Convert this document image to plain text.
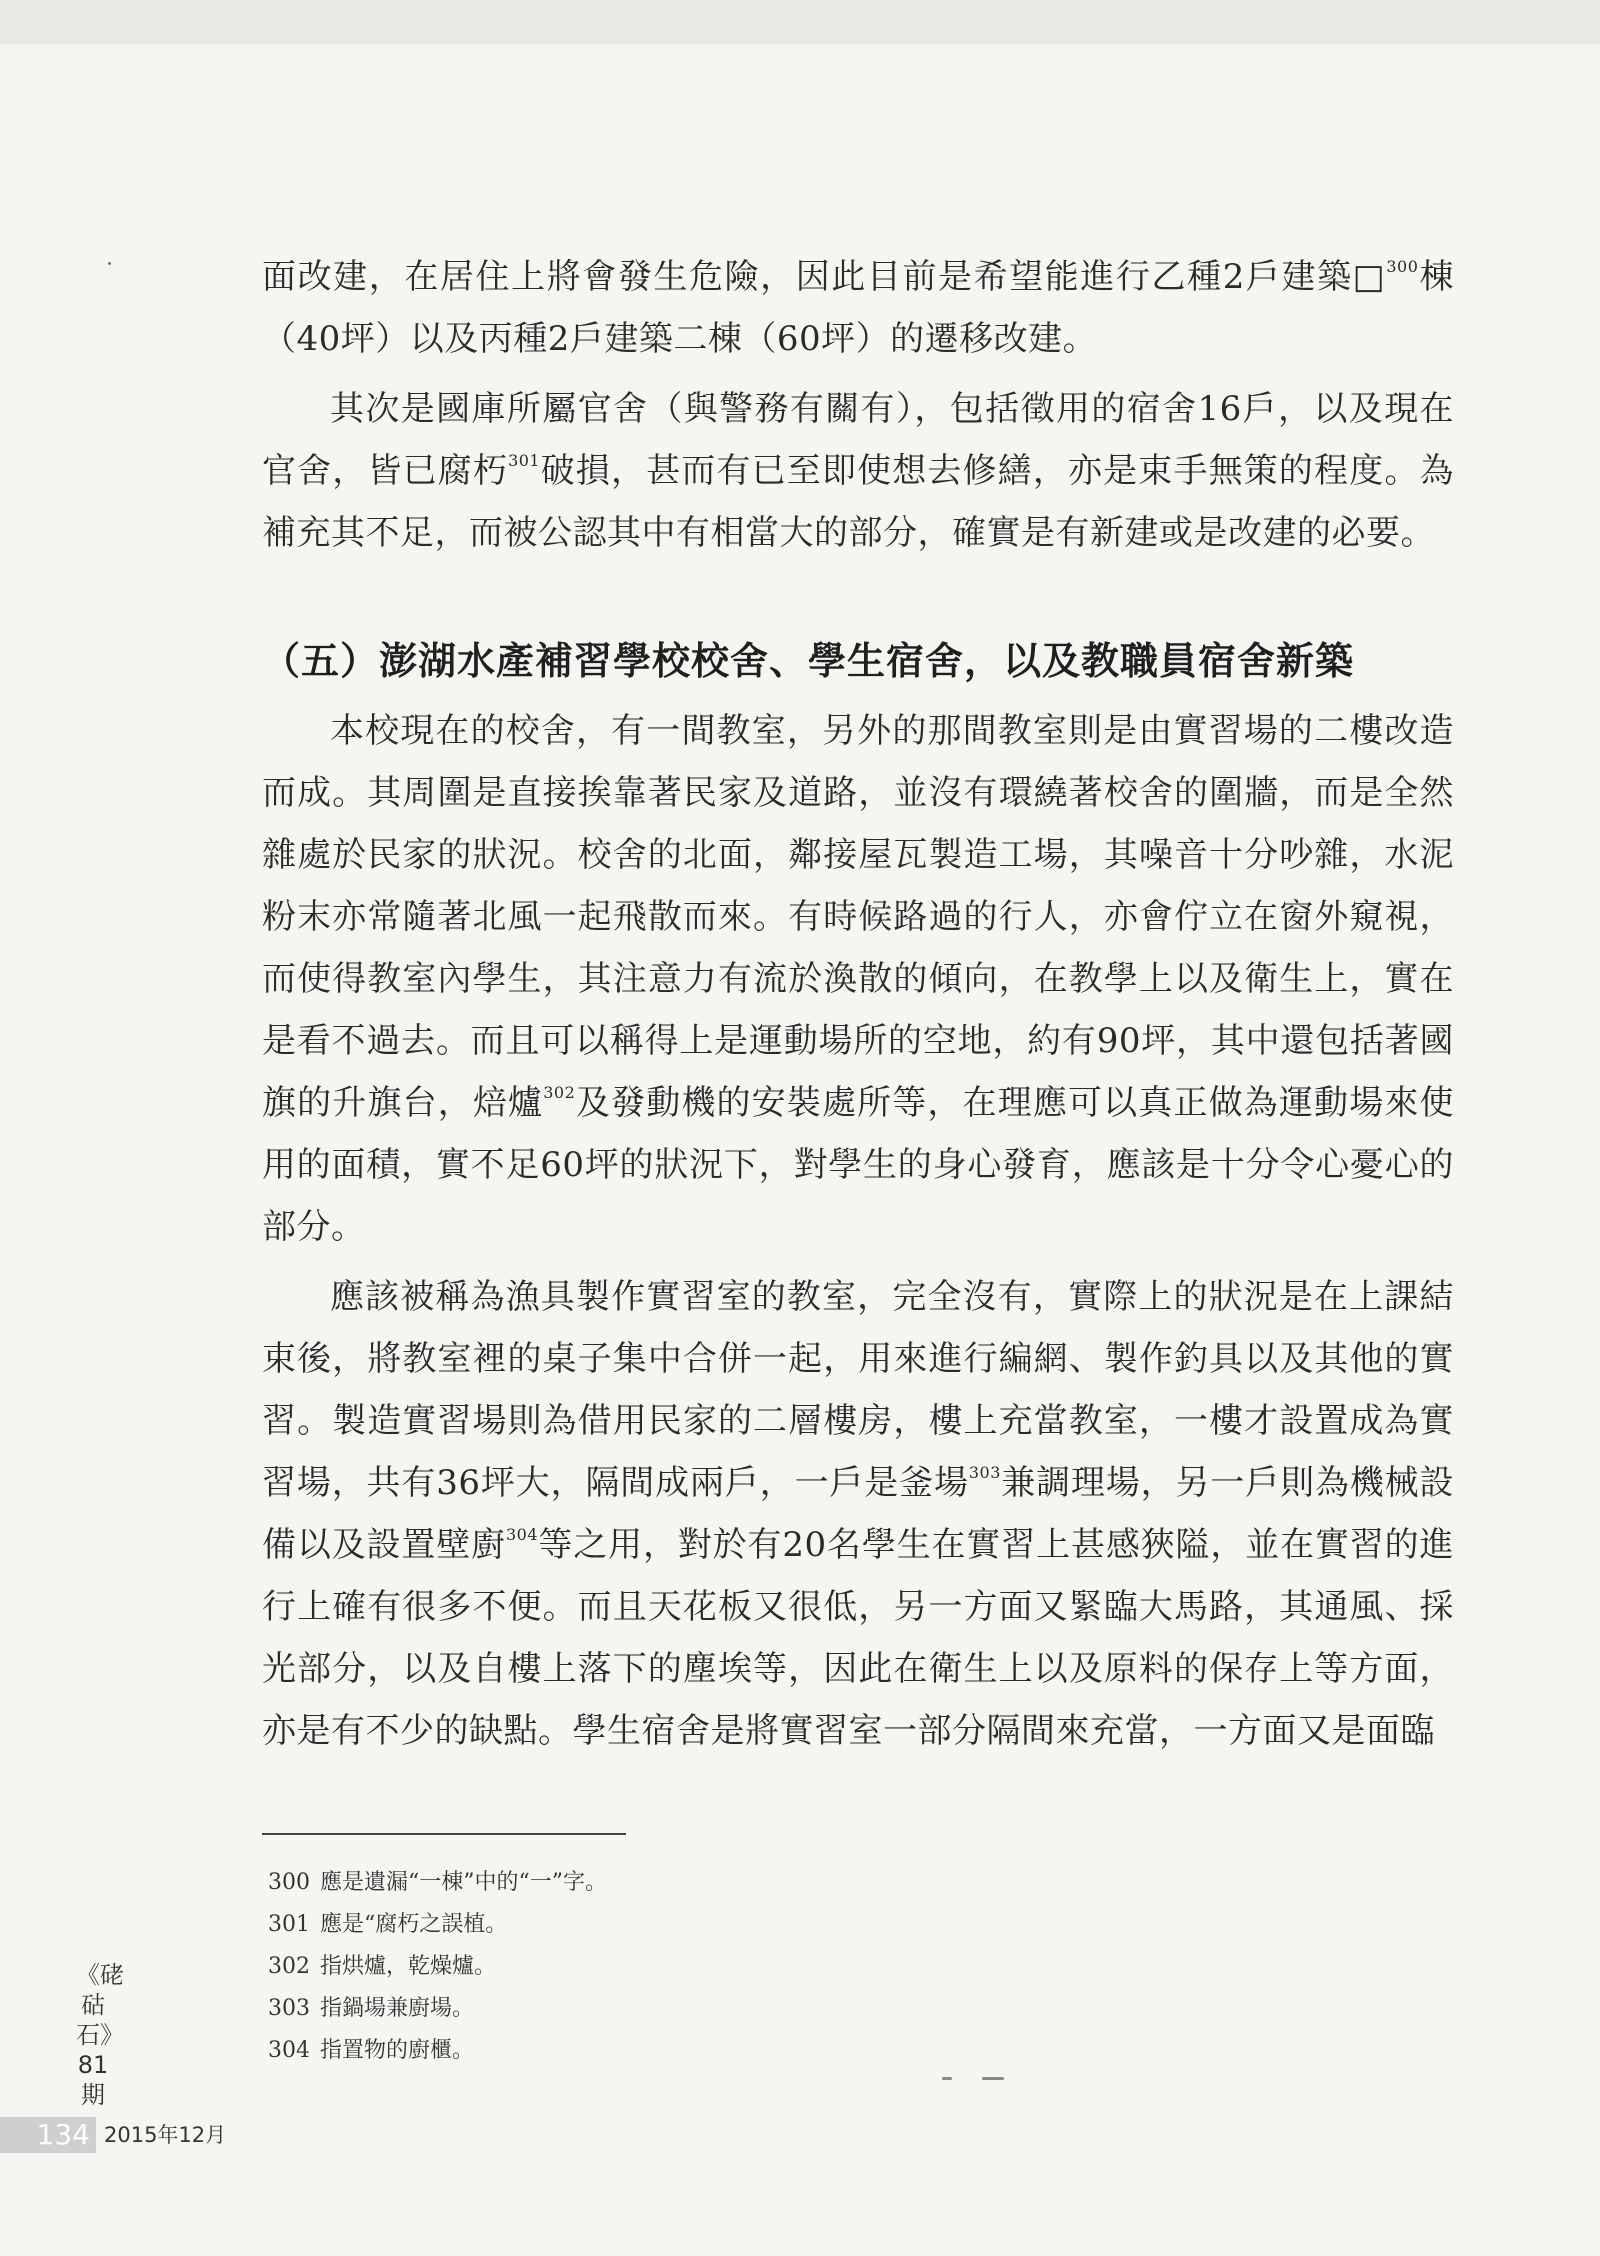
面改建，在居住上將會發生危險，因此目前是希望能進行乙種2戶建築□$^{300}$棟（40坪）以及丙種2戶建築二棟（60坪）的遷移改建。

其次是國庫所屬官舍（與警務有關有），包括徵用的宿舍16戶，以及現在官舍，皆已腐朽$^{301}$破損，甚而有已至即使想去修繕，亦是束手無策的程度。為補充其不足，而被公認其中有相當大的部分，確實是有新建或是改建的必要。

（五）澎湖水產補習學校校舍、學生宿舍，以及教職員宿舍新築

本校現在的校舍，有一間教室，另外的那間教室則是由實習場的二樓改造而成。其周圍是直接挨靠著民家及道路，並沒有環繞著校舍的圍牆，而是全然雜處於民家的狀況。校舍的北面，鄰接屋瓦製造工場，其噪音十分吵雜，水泥粉末亦常隨著北風一起飛散而來。有時候路過的行人，亦會佇立在窗外窺視，而使得教室內學生，其注意力有流於渙散的傾向，在教學上以及衛生上，實在是看不過去。而且可以稱得上是運動場所的空地，約有90坪，其中還包括著國旗的升旗台，焙爐$^{302}$及發動機的安裝處所等，在理應可以真正做為運動場來使用的面積，實不足60坪的狀況下，對學生的身心發育，應該是十分令心憂心的部分。

應該被稱為漁具製作實習室的教室，完全沒有，實際上的狀況是在上課結束後，將教室裡的桌子集中合併一起，用來進行編網、製作釣具以及其他的實習。製造實習場則為借用民家的二層樓房，樓上充當教室，一樓才設置成為實習場，共有36坪大，隔間成兩戶，一戶是釜場$^{303}$兼調理場，另一戶則為機械設備以及設置壁廚$^{304}$等之用，對於有20名學生在實習上甚感狹隘，並在實習的進行上確有很多不便。而且天花板又很低，另一方面又緊臨大馬路，其通風、採光部分，以及自樓上落下的塵埃等，因此在衛生上以及原料的保存上等方面，亦是有不少的缺點。學生宿舍是將實習室一部分隔間來充當，一方面又是面臨

300 應是遺漏“一棟”中的“一”字。
301 應是“腐朽之誤植。
302 指烘爐，乾燥爐。
303 指鍋場兼廚場。
304 指置物的廚櫃。
《硓𥑮石》81期
134 2015年12月
